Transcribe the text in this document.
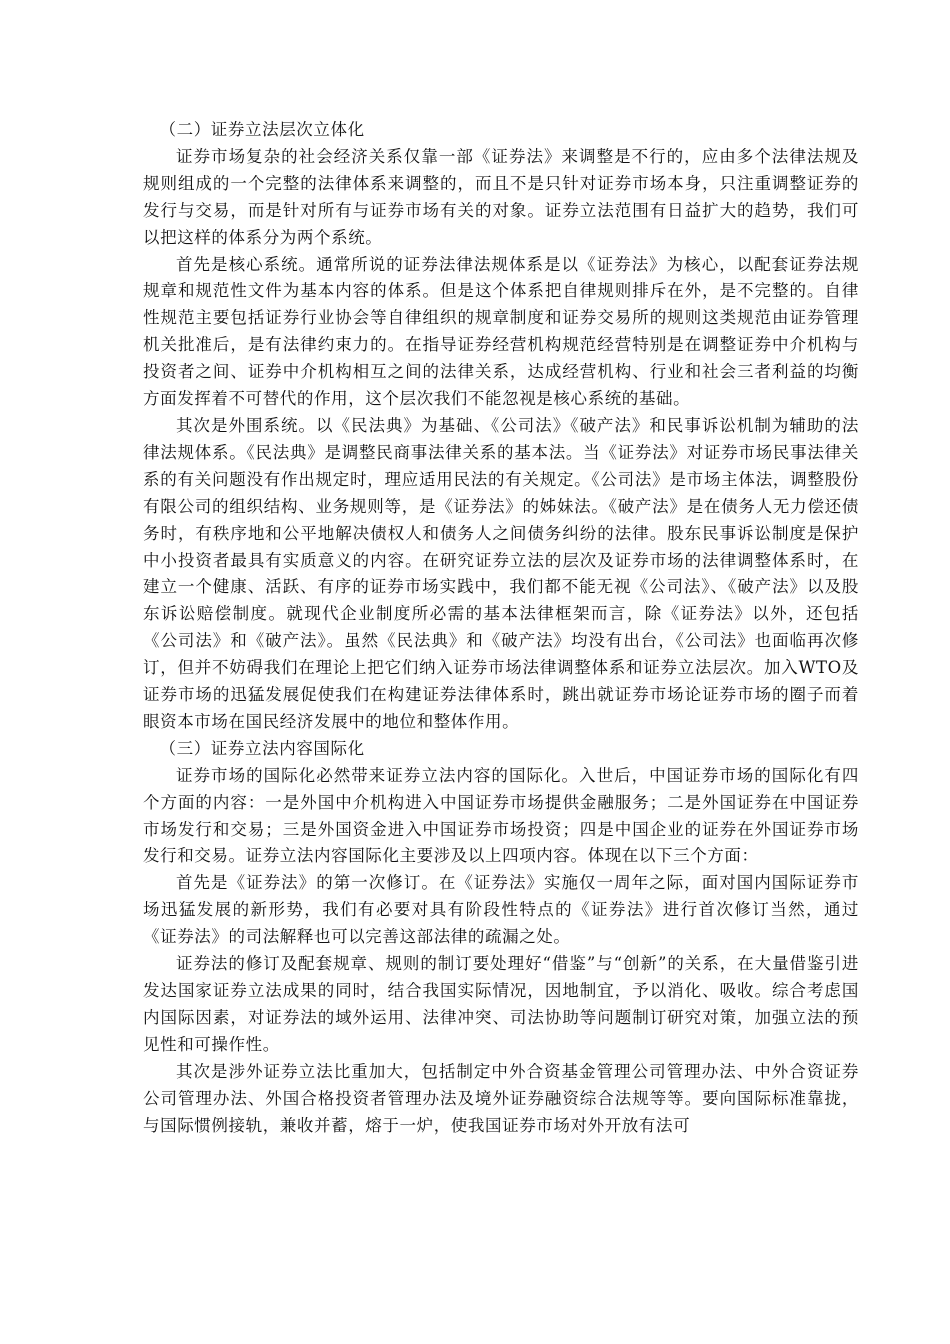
（二）证券立法层次立体化

证券市场复杂的社会经济关系仅靠一部《证券法》来调整是不行的，应由多个法律法规及规则组成的一个完整的法律体系来调整的，而且不是只针对证券市场本身，只注重调整证券的发行与交易，而是针对所有与证券市场有关的对象。证券立法范围有日益扩大的趋势，我们可以把这样的体系分为两个系统。

首先是核心系统。通常所说的证券法律法规体系是以《证券法》为核心，以配套证券法规规章和规范性文件为基本内容的体系。但是这个体系把自律规则排斥在外，是不完整的。自律性规范主要包括证券行业协会等自律组织的规章制度和证券交易所的规则这类规范由证券管理机关批准后，是有法律约束力的。在指导证券经营机构规范经营特别是在调整证券中介机构与投资者之间、证券中介机构相互之间的法律关系，达成经营机构、行业和社会三者利益的均衡方面发挥着不可替代的作用，这个层次我们不能忽视是核心系统的基础。

其次是外围系统。以《民法典》为基础、《公司法》《破产法》和民事诉讼机制为辅助的法律法规体系。《民法典》是调整民商事法律关系的基本法。当《证券法》对证券市场民事法律关系的有关问题没有作出规定时，理应适用民法的有关规定。《公司法》是市场主体法，调整股份有限公司的组织结构、业务规则等，是《证券法》的姊妹法。《破产法》是在债务人无力偿还债务时，有秩序地和公平地解决债权人和债务人之间债务纠纷的法律。股东民事诉讼制度是保护中小投资者最具有实质意义的内容。在研究证券立法的层次及证券市场的法律调整体系时，在建立一个健康、活跃、有序的证券市场实践中，我们都不能无视《公司法》、《破产法》以及股东诉讼赔偿制度。就现代企业制度所必需的基本法律框架而言，除《证券法》以外，还包括《公司法》和《破产法》。虽然《民法典》和《破产法》均没有出台，《公司法》也面临再次修订，但并不妨碍我们在理论上把它们纳入证券市场法律调整体系和证券立法层次。加入WTO及证券市场的迅猛发展促使我们在构建证券法律体系时，跳出就证券市场论证券市场的圈子而着眼资本市场在国民经济发展中的地位和整体作用。

（三）证券立法内容国际化

证券市场的国际化必然带来证券立法内容的国际化。入世后，中国证券市场的国际化有四个方面的内容：一是外国中介机构进入中国证券市场提供金融服务；二是外国证券在中国证券市场发行和交易；三是外国资金进入中国证券市场投资；四是中国企业的证券在外国证券市场发行和交易。证券立法内容国际化主要涉及以上四项内容。体现在以下三个方面：

首先是《证券法》的第一次修订。在《证券法》实施仅一周年之际，面对国内国际证券市场迅猛发展的新形势，我们有必要对具有阶段性特点的《证券法》进行首次修订当然，通过《证券法》的司法解释也可以完善这部法律的疏漏之处。

证券法的修订及配套规章、规则的制订要处理好“借鉴”与“创新”的关系，在大量借鉴引进发达国家证券立法成果的同时，结合我国实际情况，因地制宜，予以消化、吸收。综合考虑国内国际因素，对证券法的域外运用、法律冲突、司法协助等问题制订研究对策，加强立法的预见性和可操作性。

其次是涉外证券立法比重加大，包括制定中外合资基金管理公司管理办法、中外合资证券公司管理办法、外国合格投资者管理办法及境外证券融资综合法规等等。要向国际标准靠拢，与国际惯例接轨，兼收并蓄，熔于一炉，使我国证券市场对外开放有法可
